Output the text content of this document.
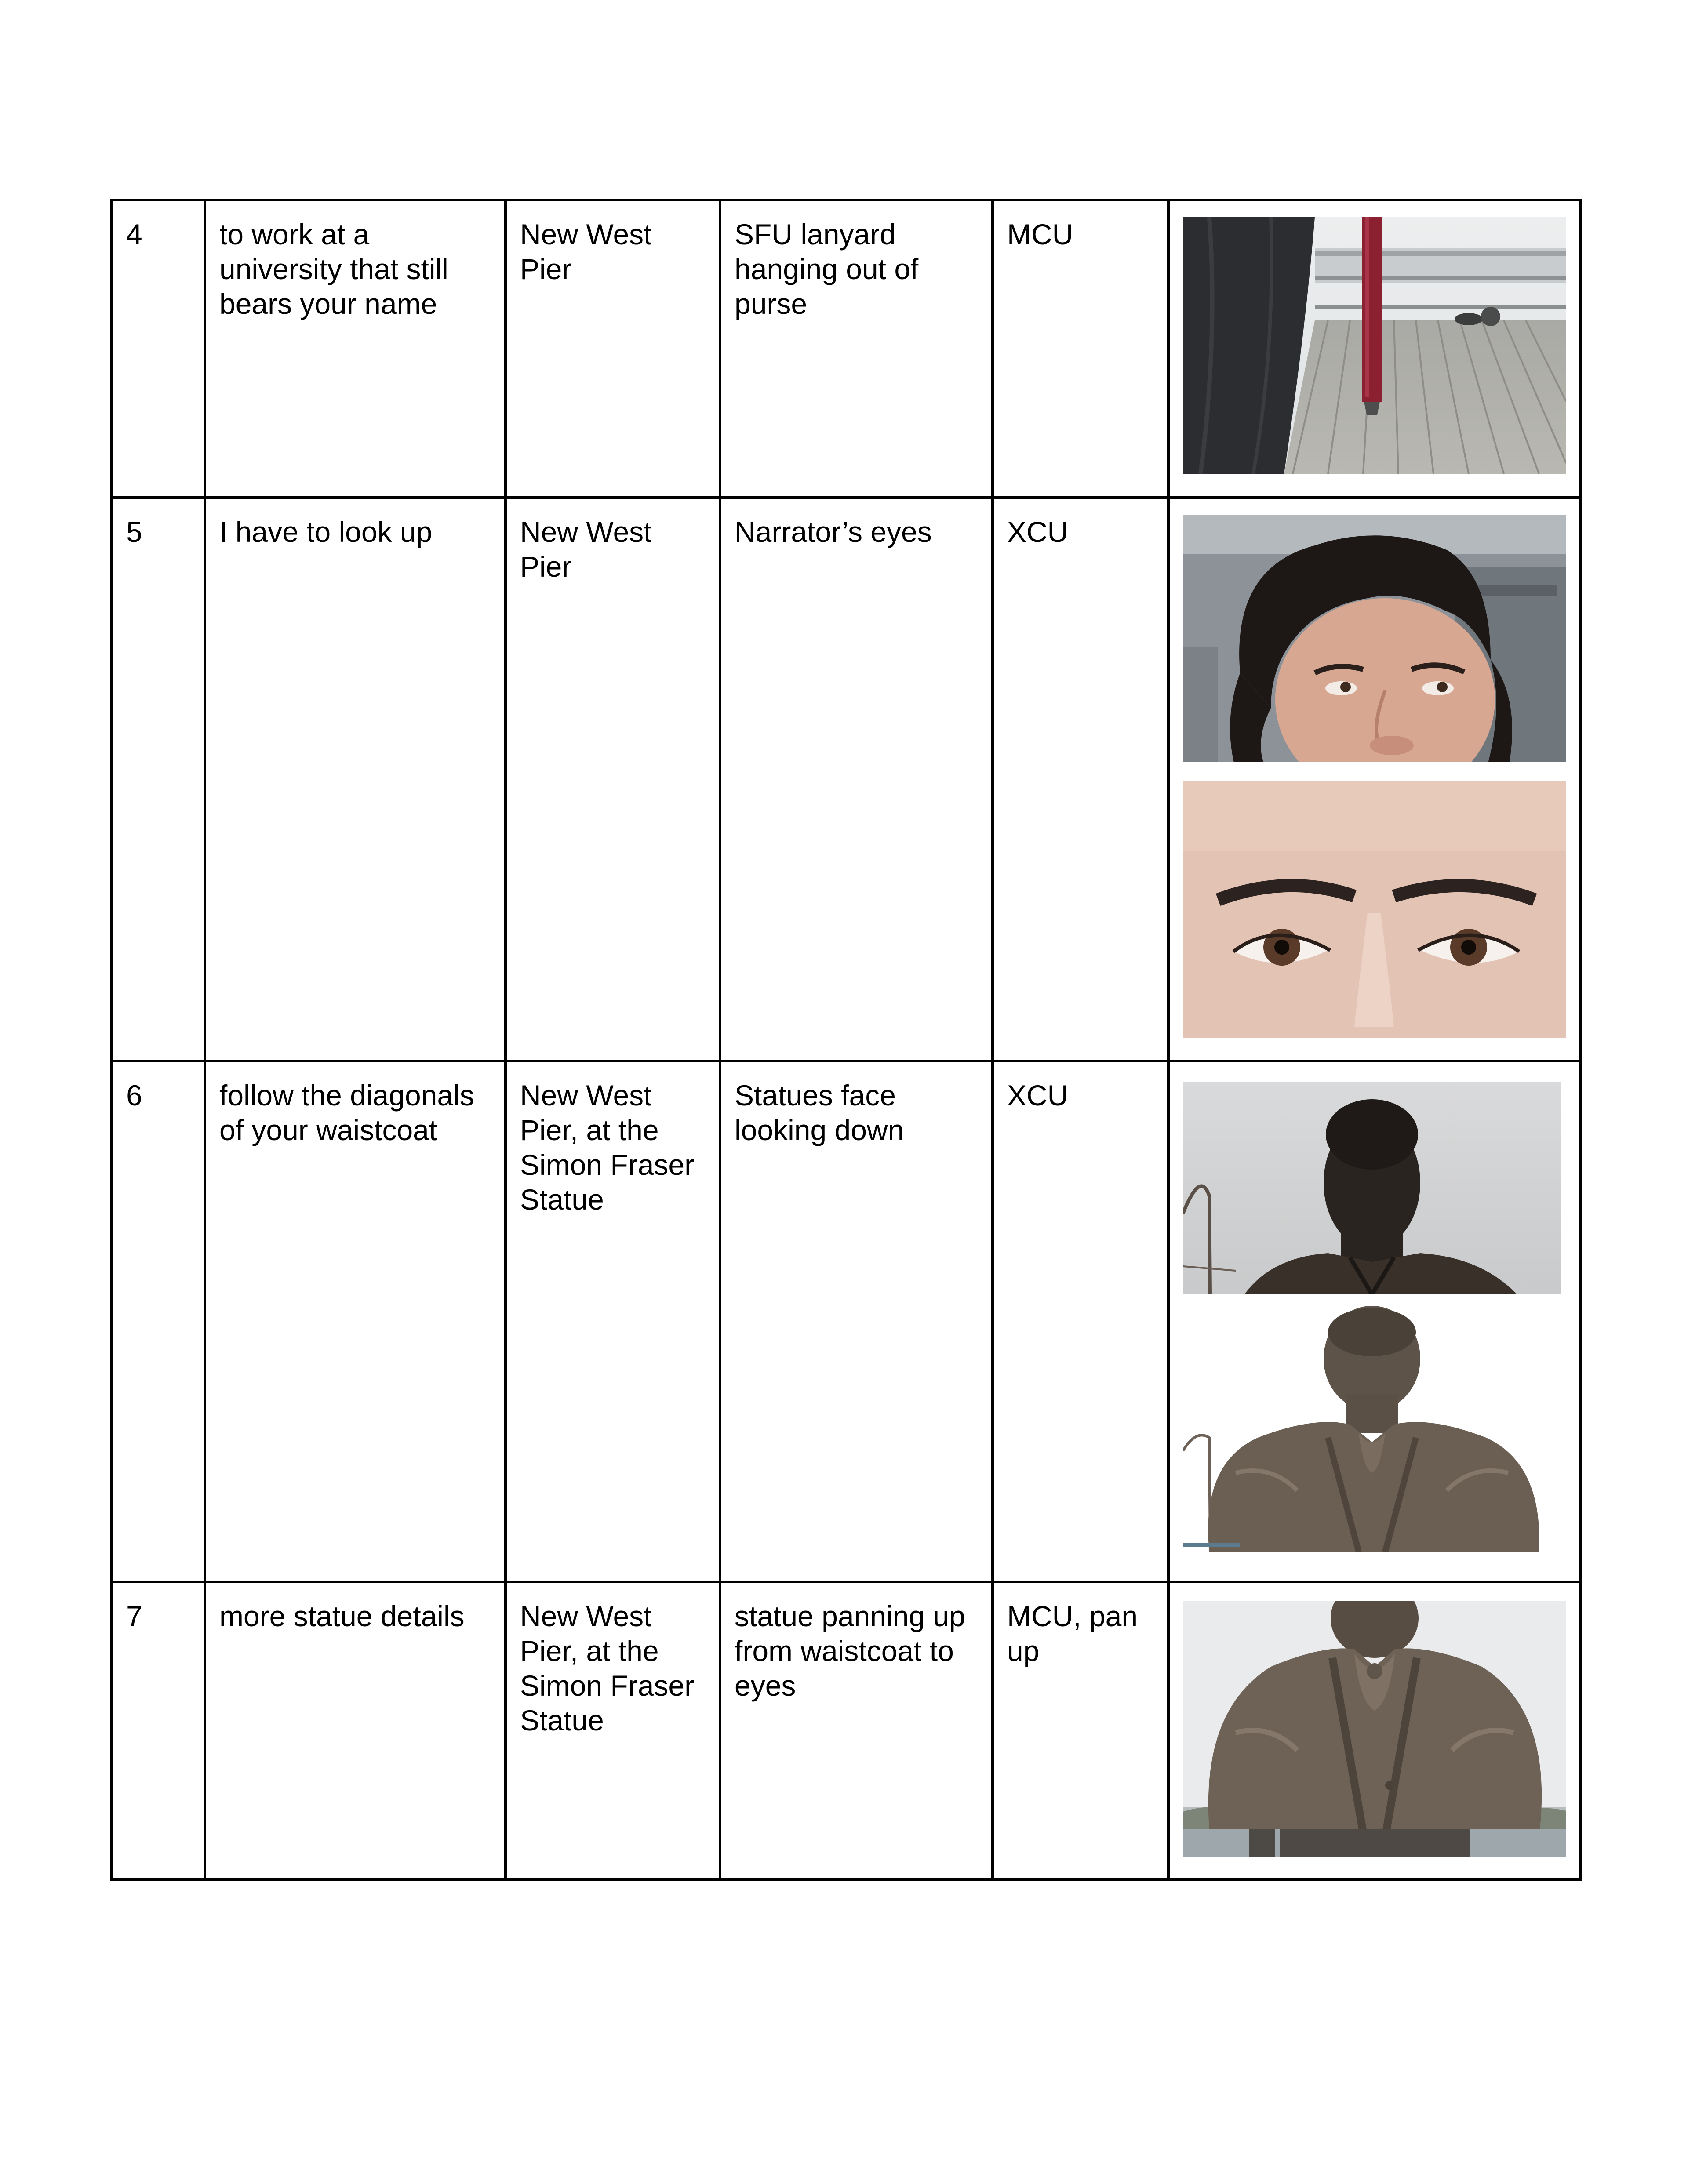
4	to work at a university that still bears your name	New West Pier	SFU lanyard hanging out of purse	MCU	

5	I have to look up	New West Pier	Narrator’s eyes	XCU	

6	follow the diagonals of your waistcoat	New West Pier, at the Simon Fraser Statue	Statues face looking down	XCU	

7	more statue details	New West Pier, at the Simon Fraser Statue	statue panning up from waistcoat to eyes	MCU, pan up	
